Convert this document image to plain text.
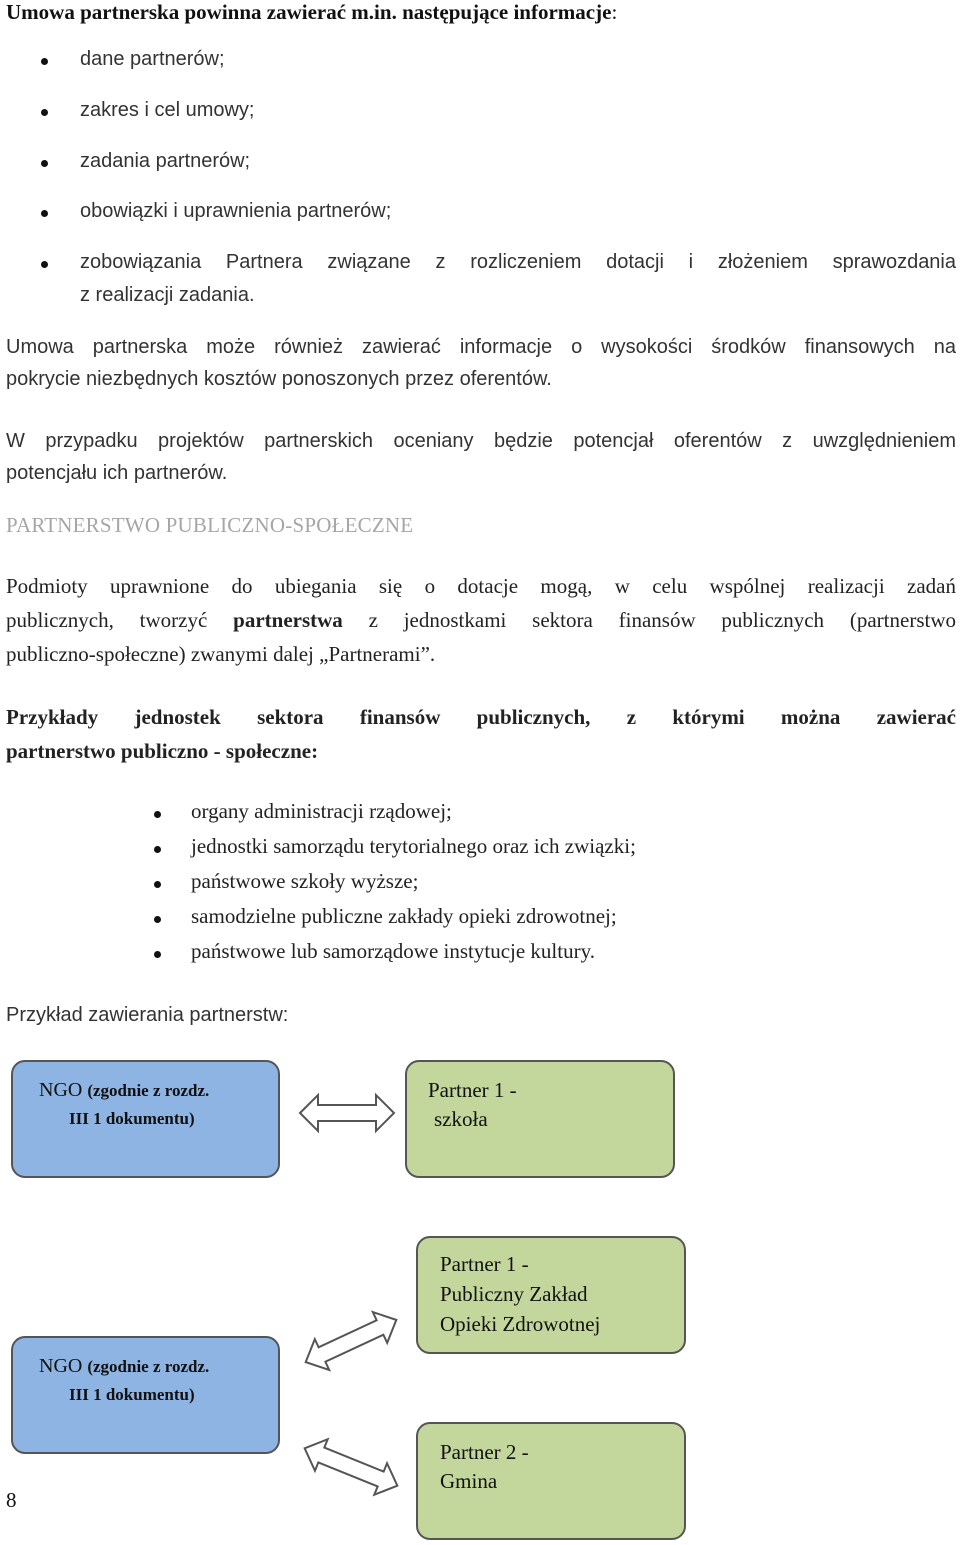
Umowa partnerska powinna zawierać m.in. następujące informacje:
dane partnerów;
zakres i cel umowy;
zadania partnerów;
obowiązki i uprawnienia partnerów;
zobowiązania Partnera związane z rozliczeniem dotacji i złożeniem sprawozdania
z realizacji zadania.
Umowa partnerska może również zawierać informacje o wysokości środków finansowych na
pokrycie niezbędnych kosztów ponoszonych przez oferentów.
W przypadku projektów partnerskich oceniany będzie potencjał oferentów z uwzględnieniem
potencjału ich partnerów.
PARTNERSTWO PUBLICZNO-SPOŁECZNE
Podmioty uprawnione do ubiegania się o dotacje mogą, w celu wspólnej realizacji zadań
publicznych, tworzyć partnerstwa z jednostkami sektora finansów publicznych (partnerstwo
publiczno-społeczne) zwanymi dalej „Partnerami”.
Przykłady jednostek sektora finansów publicznych, z którymi można zawierać
partnerstwo publiczno - społeczne:
organy administracji rządowej;
jednostki samorządu terytorialnego oraz ich związki;
państwowe szkoły wyższe;
samodzielne publiczne zakłady opieki zdrowotnej;
państwowe lub samorządowe instytucje kultury.
Przykład zawierania partnerstw:
NGO (zgodnie z rozdz.
III 1 dokumentu)
Partner 1 -
szkoła
Partner 1 -
Publiczny Zakład
Opieki Zdrowotnej
NGO (zgodnie z rozdz.
III 1 dokumentu)
Partner 2 -
Gmina
8
